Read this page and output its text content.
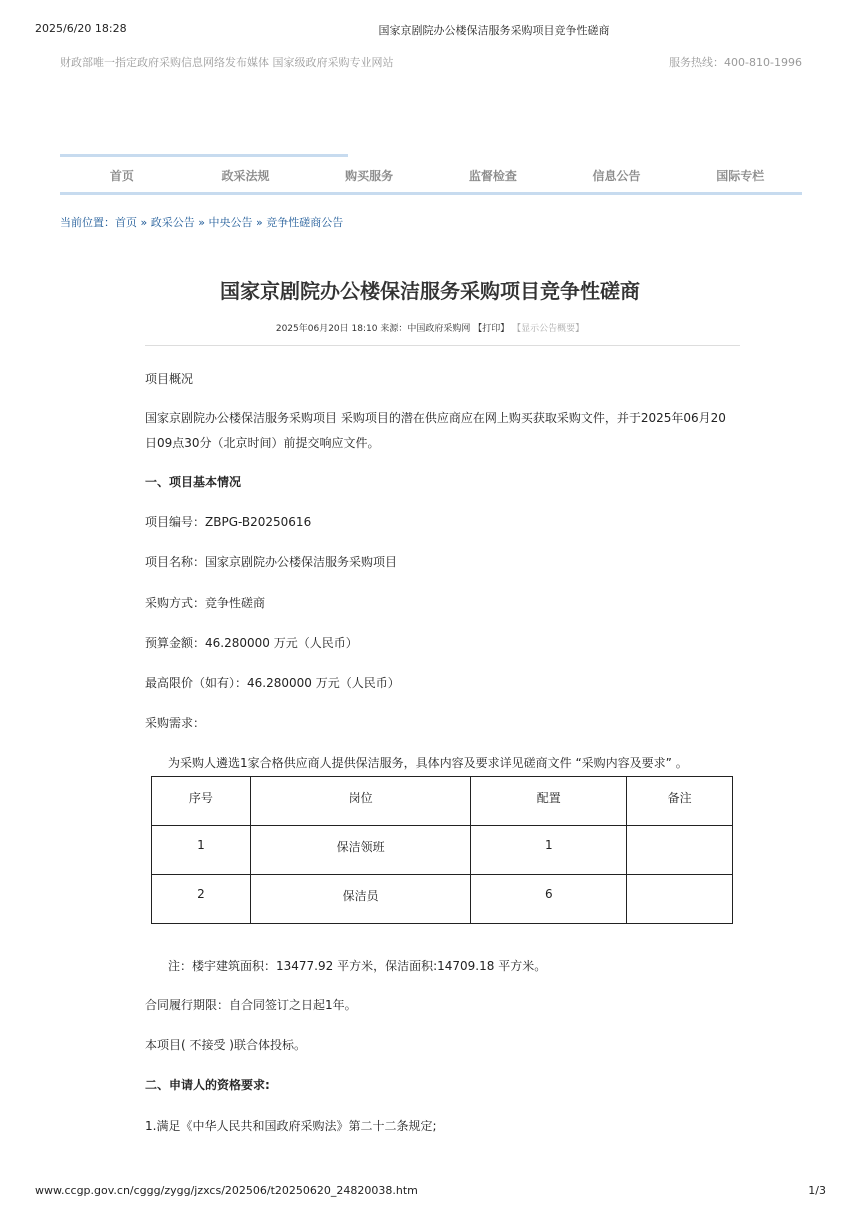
2025/6/20 18:28	国家京剧院办公楼保洁服务采购项目竞争性磋商
财政部唯一指定政府采购信息网络发布媒体 国家级政府采购专业网站	服务热线：400-810-1996
首页	政采法规	购买服务	监督检查	信息公告	国际专栏
当前位置：首页 » 政采公告 » 中央公告 » 竞争性磋商公告
国家京剧院办公楼保洁服务采购项目竞争性磋商
2025年06月20日 18:10 来源：中国政府采购网 【打印】 【显示公告概要】
项目概况
国家京剧院办公楼保洁服务采购项目 采购项目的潜在供应商应在网上购买获取采购文件，并于2025年06月20日09点30分（北京时间）前提交响应文件。
一、项目基本情况
项目编号：ZBPG-B20250616
项目名称：国家京剧院办公楼保洁服务采购项目
采购方式：竞争性磋商
预算金额：46.280000 万元（人民币）
最高限价（如有）：46.280000 万元（人民币）
采购需求：
为采购人遴选1家合格供应商人提供保洁服务，具体内容及要求详见磋商文件 “采购内容及要求” 。
序号	岗位	配置	备注
1	保洁领班	1	
2	保洁员	6	
注：楼宇建筑面积：13477.92 平方米，保洁面积:14709.18 平方米。
合同履行期限：自合同签订之日起1年。
本项目( 不接受 )联合体投标。
二、申请人的资格要求:
1.满足《中华人民共和国政府采购法》第二十二条规定;
www.ccgp.gov.cn/cggg/zygg/jzxcs/202506/t20250620_24820038.htm	1/3
